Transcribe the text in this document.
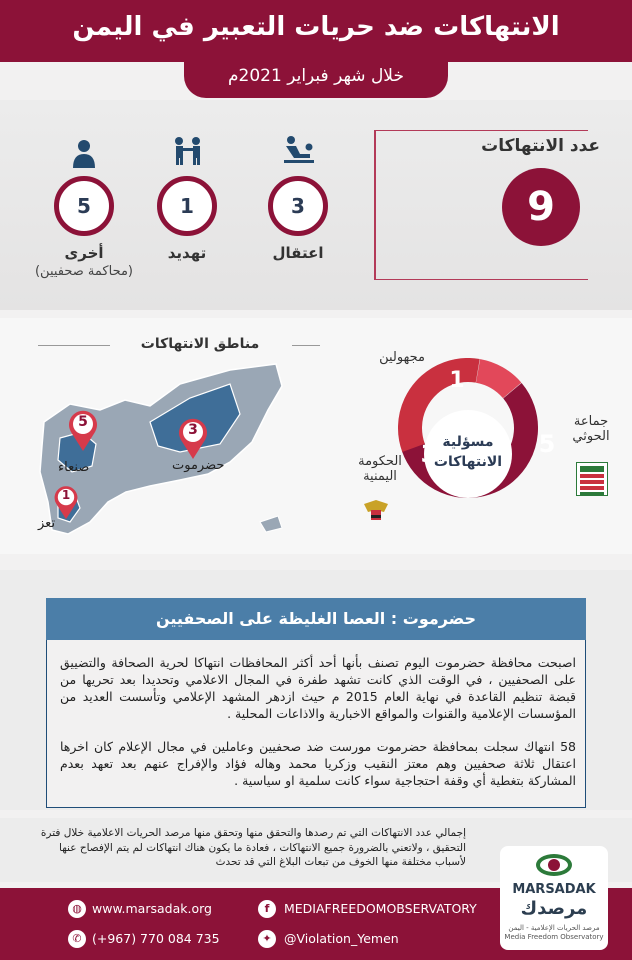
الانتهاكات ضد حريات التعبير في اليمن
خلال شهر فبراير 2021م
عدد الانتهاكات
9
3
اعتقال
1
تهديد
5
أخرى
(محاكمة صحفيين)
مناطق الانتهاكات
5
صنعاء
3
حضرموت
1
تعز
مسؤلية الانتهاكات
1
5
3
مجهولين
جماعة الحوثي
الحكومة اليمنية
حضرموت : العصا الغليظة على الصحفيين
اصبحت محافظة حضرموت اليوم تصنف بأنها أحد أكثر المحافظات انتهاكا لحرية الصحافة والتضييق على الصحفيين ، في الوقت الذي كانت تشهد طفرة في المجال الاعلامي وتحديدا بعد تحريها من قبضة تنظيم القاعدة في نهاية العام 2015 م حيث ازدهر المشهد الإعلامي وتأسست العديد من المؤسسات الإعلامية والقنوات والمواقع الاخبارية والاذاعات المحلية .
58 انتهاك سجلت بمحافظة حضرموت مورست ضد صحفيين وعاملين في مجال الإعلام كان اخرها اعتقال ثلاثة صحفيين وهم معتز النقيب وزكريا محمد وهاله فؤاد والإفراج عنهم بعد تعهد بعدم المشاركة بتغطية أي وقفة احتجاجية سواء كانت سلمية او سياسية .
إجمالي عدد الانتهاكات التي تم رصدها والتحقق منها وتحقق منها مرصد الحريات الاعلامية خلال فترة التحقيق ، ولاتعني بالضرورة جميع الانتهاكات ، فعادة ما يكون هناك انتهاكات لم يتم الإفصاح عنها لأسباب مختلفة منها الخوف من تبعات البلاغ التي قد تحدث
MARSADAK
مرصدك
مرصد الحريات الإعلامية - اليمن
Media Freedom Observatory
◍ www.marsadak.org
✆ (+967) 770 084 735
f	MEDIAFREEDOMOBSERVATORY
✦ @Violation_Yemen
